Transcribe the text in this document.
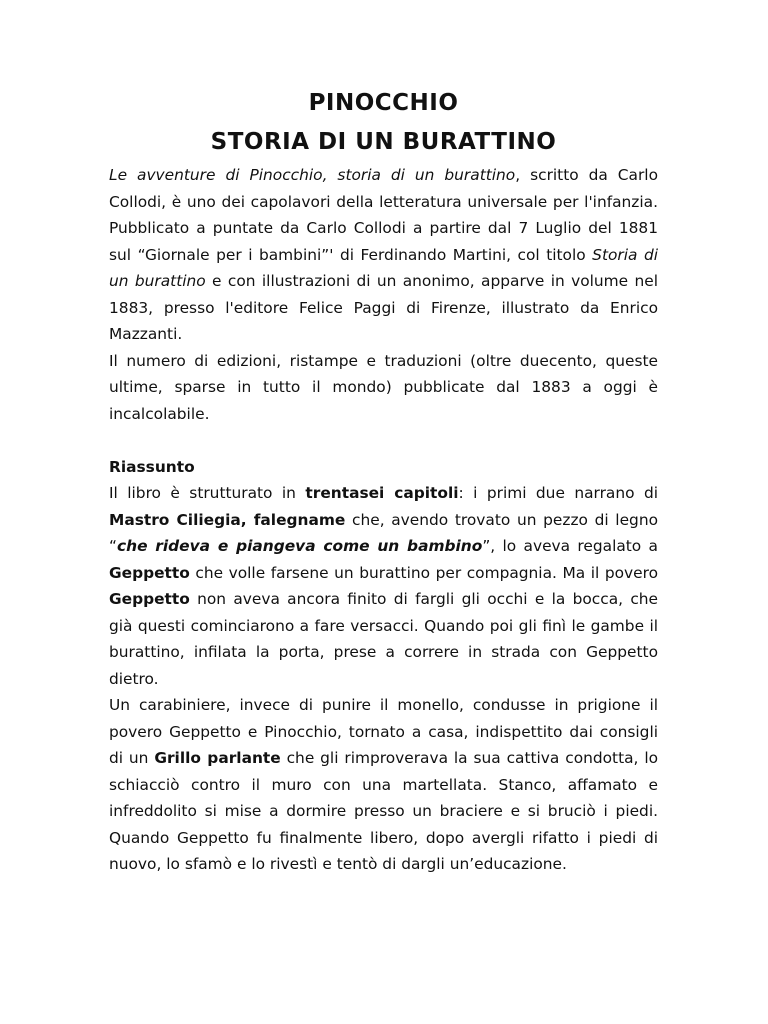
PINOCCHIO
STORIA DI UN BURATTINO
Le avventure di Pinocchio, storia di un burattino, scritto da Carlo
Collodi, è uno dei capolavori della letteratura universale per l'infanzia.
Pubblicato a puntate da Carlo Collodi a partire dal 7 Luglio del 1881
sul “Giornale per i bambini”' di Ferdinando Martini, col titolo Storia di
un burattino e con illustrazioni di un anonimo, apparve in volume nel
1883, presso l'editore Felice Paggi di Firenze, illustrato da Enrico
Mazzanti.
Il numero di edizioni, ristampe e traduzioni (oltre duecento, queste
ultime, sparse in tutto il mondo) pubblicate dal 1883 a oggi è
incalcolabile.
Riassunto
Il libro è strutturato in trentasei capitoli: i primi due narrano di
Mastro Ciliegia, falegname che, avendo trovato un pezzo di legno
“che rideva e piangeva come un bambino”, lo aveva regalato a
Geppetto che volle farsene un burattino per compagnia. Ma il povero
Geppetto non aveva ancora finito di fargli gli occhi e la bocca, che
già questi cominciarono a fare versacci. Quando poi gli finì le gambe il
burattino, infilata la porta, prese a correre in strada con Geppetto
dietro.
Un carabiniere, invece di punire il monello, condusse in prigione il
povero Geppetto e Pinocchio, tornato a casa, indispettito dai consigli
di un Grillo parlante che gli rimproverava la sua cattiva condotta, lo
schiacciò contro il muro con una martellata. Stanco, affamato e
infreddolito si mise a dormire presso un braciere e si bruciò i piedi.
Quando Geppetto fu finalmente libero, dopo avergli rifatto i piedi di
nuovo, lo sfamò e lo rivestì e tentò di dargli un’educazione.
